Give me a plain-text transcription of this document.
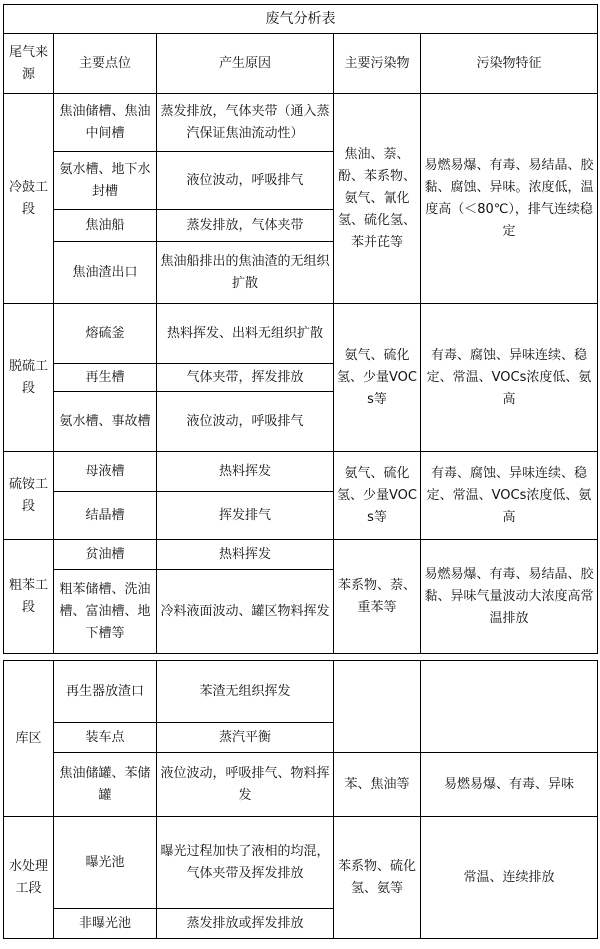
废气分析表				
尾气来源	主要点位	产生原因	主要污染物	污染物特征
冷鼓工段	焦油储槽、焦油中间槽	蒸发排放，气体夹带（通入蒸汽保证焦油流动性）	焦油、萘、酚、苯系物、氨气、氰化氢、硫化氢、苯并芘等	易燃易爆、有毒、易结晶、胶黏、腐蚀、异味。浓度低，温度高（＜80℃），排气连续稳定
	氨水槽、地下水封槽	液位波动，呼吸排气		
	焦油船	蒸发排放，气体夹带		
	焦油渣出口	焦油船排出的焦油渣的无组织扩散		
脱硫工段	熔硫釜	热料挥发、出料无组织扩散	氨气、硫化氢、少量VOCs等	有毒、腐蚀、异味连续、稳定、常温、VOCs浓度低、氨高
	再生槽	气体夹带，挥发排放		
	氨水槽、事故槽	液位波动，呼吸排气		
硫铵工段	母液槽	热料挥发	氨气、硫化氢、少量VOCs等	有毒、腐蚀、异味连续、稳定、常温、VOCs浓度低、氨高
	结晶槽	挥发排气		
粗苯工段	贫油槽	热料挥发	苯系物、萘、重苯等	易燃易爆、有毒、易结晶、胶黏、异味气量波动大浓度高常温排放
	粗苯储槽、洗油槽、富油槽、地下槽等	冷料液面波动、罐区物料挥发		
库区	再生器放渣口	苯渣无组织挥发		
	装车点	蒸汽平衡		
	焦油储罐、苯储罐	液位波动，呼吸排气、物料挥发	苯、焦油等	易燃易爆、有毒、异味
水处理工段	曝光池	曝光过程加快了液相的均混，气体夹带及挥发排放	苯系物、硫化氢、氨等	常温、连续排放
	非曝光池	蒸发排放或挥发排放		
